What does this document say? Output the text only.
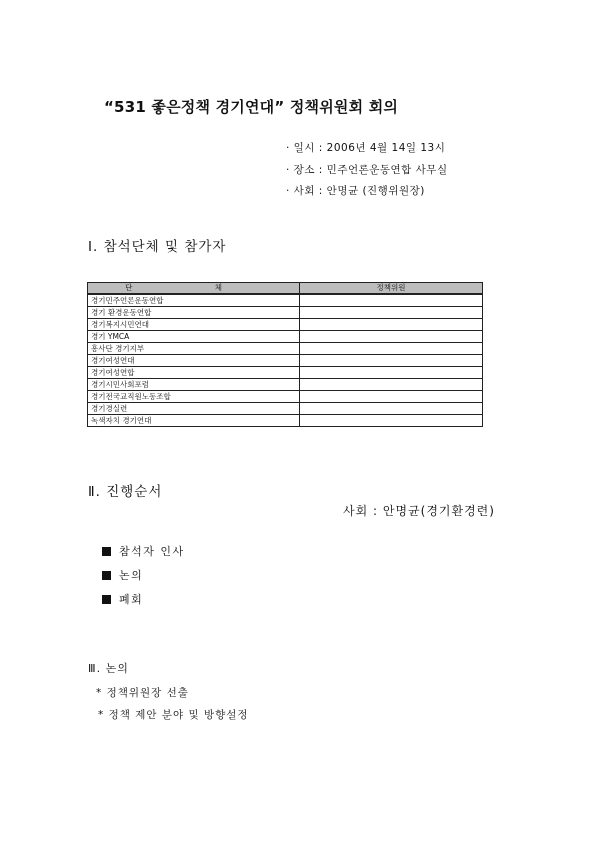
“531 좋은정책 경기연대” 정책위원회 회의
· 일시 : 2006년 4월 14일 13시
· 장소 : 민주언론운동연합 사무실
· 사회 : 안명균 (진행위원장)
Ⅰ. 참석단체 및 참가자
단 체	정책위원
경기민주언론운동연합	
경기 환경운동연합	
경기복지시민연대	
경기 YMCA	
흥사단 경기지부	
경기여성연대	
경기여성연합	
경기시민사회포럼	
경기전국교직원노동조합	
경기경실련	
녹색자치 경기연대	
Ⅱ. 진행순서
사회 : 안명균(경기환경련)
참석자 인사
논의
폐회
Ⅲ. 논의
* 정책위원장 선출
* 정책 제안 분야 및 방향설정
